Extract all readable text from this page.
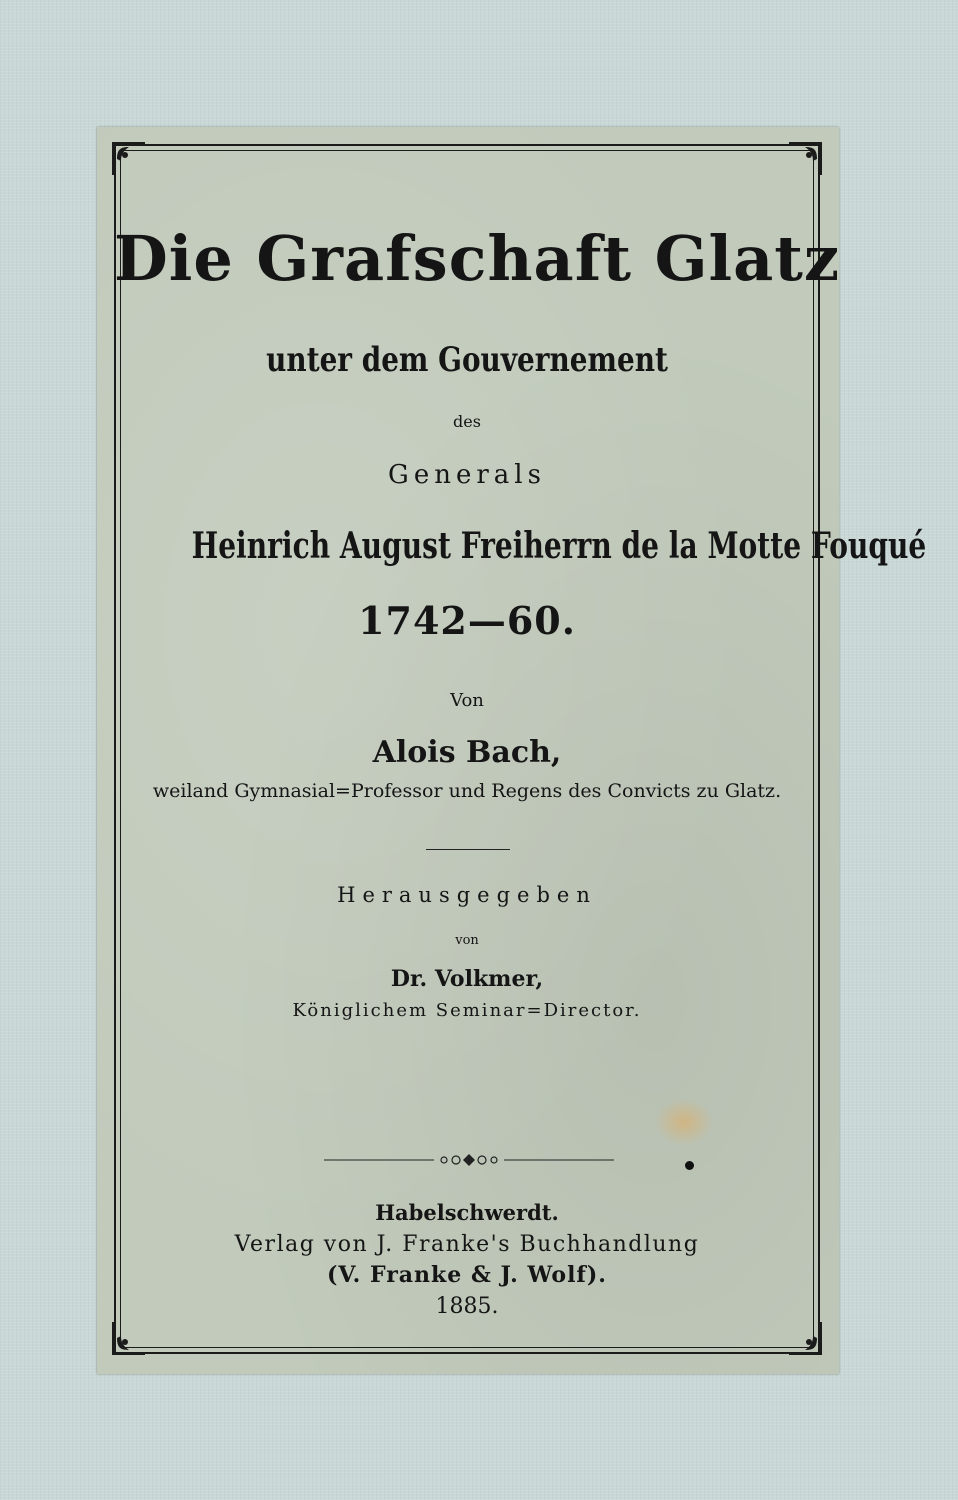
Die Grafschaft Glatz
unter dem Gouvernement
des
Generals
Heinrich August Freiherrn de la Motte Fouqué
1742—60.
Von
Alois Bach,
weiland Gymnasial=Professor und Regens des Convicts zu Glatz.
Herausgegeben
von
Dr. Volkmer,
Königlichem Seminar=Director.
Habelschwerdt.
Verlag von J. Franke's Buchhandlung
(V. Franke & J. Wolf).
1885.
